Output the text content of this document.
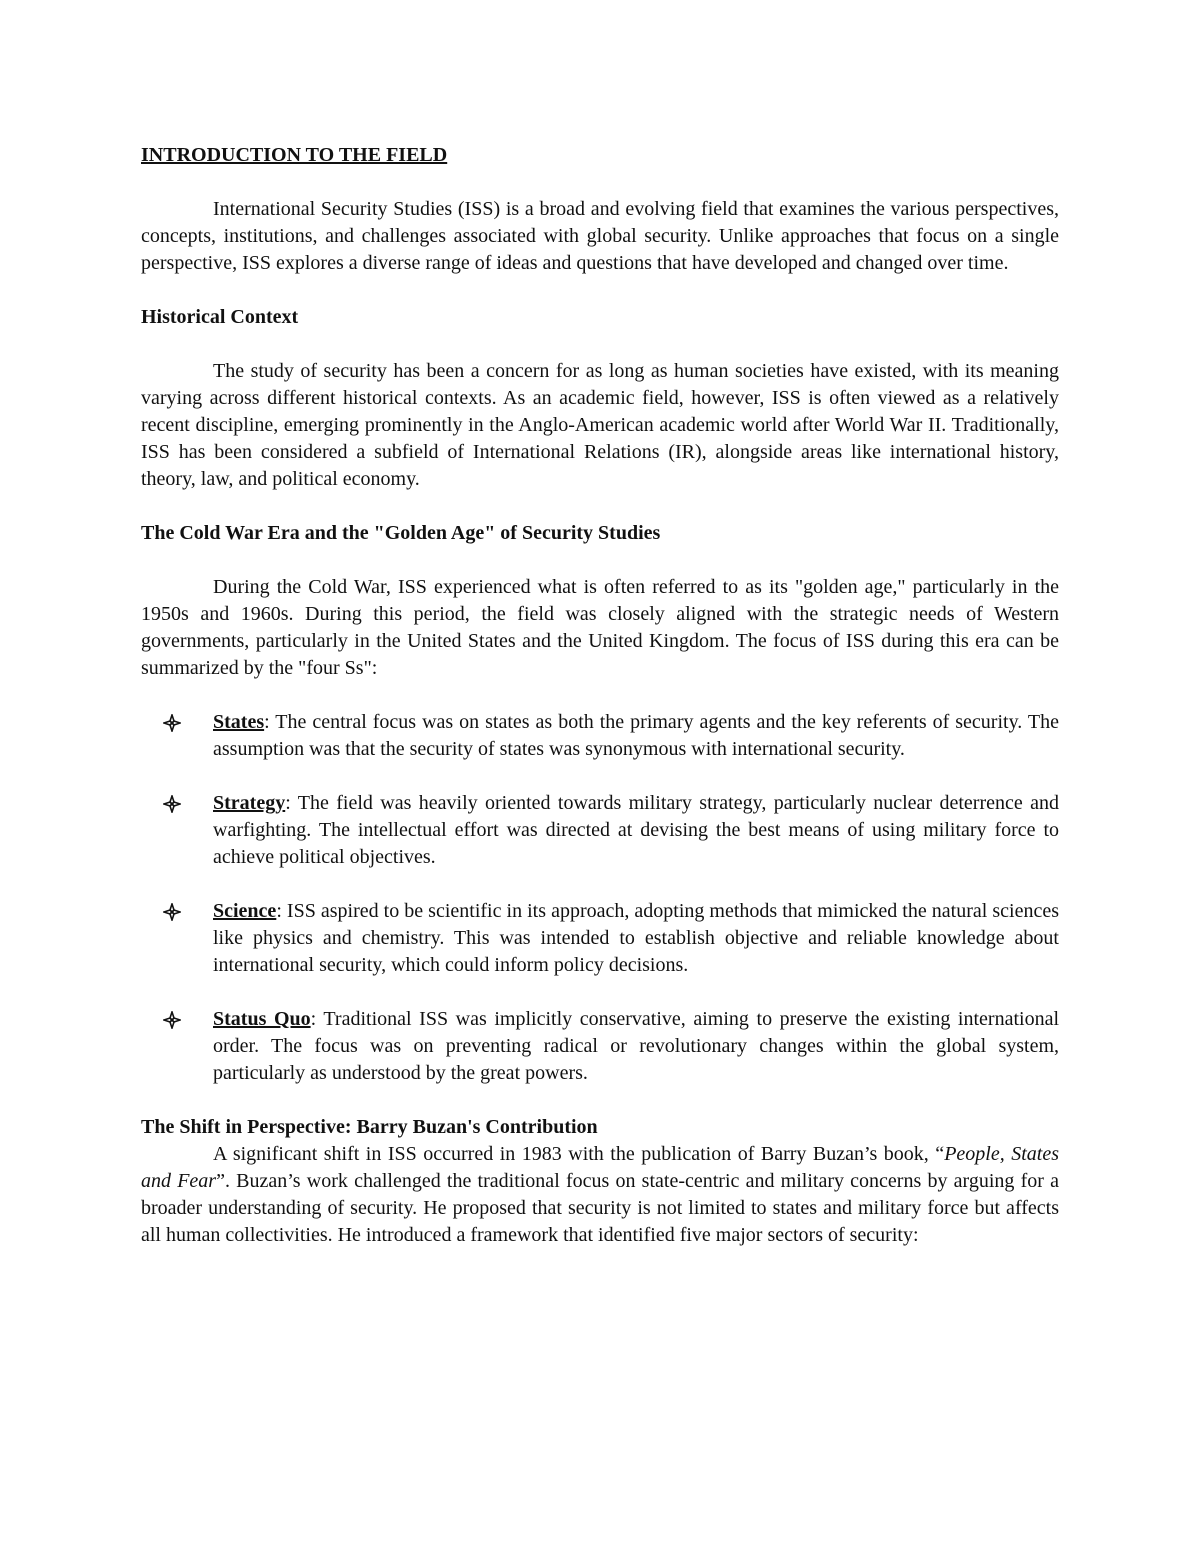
INTRODUCTION TO THE FIELD

International Security Studies (ISS) is a broad and evolving field that examines the various perspectives, concepts, institutions, and challenges associated with global security. Unlike approaches that focus on a single perspective, ISS explores a diverse range of ideas and questions that have developed and changed over time.

Historical Context

The study of security has been a concern for as long as human societies have existed, with its meaning varying across different historical contexts. As an academic field, however, ISS is often viewed as a relatively recent discipline, emerging prominently in the Anglo-American academic world after World War II. Traditionally, ISS has been considered a subfield of International Relations (IR), alongside areas like international history, theory, law, and political economy.

The Cold War Era and the "Golden Age" of Security Studies

During the Cold War, ISS experienced what is often referred to as its "golden age," particularly in the 1950s and 1960s. During this period, the field was closely aligned with the strategic needs of Western governments, particularly in the United States and the United Kingdom. The focus of ISS during this era can be summarized by the "four Ss":

States: The central focus was on states as both the primary agents and the key referents of security. The assumption was that the security of states was synonymous with international security.
Strategy: The field was heavily oriented towards military strategy, particularly nuclear deterrence and warfighting. The intellectual effort was directed at devising the best means of using military force to achieve political objectives.
Science: ISS aspired to be scientific in its approach, adopting methods that mimicked the natural sciences like physics and chemistry. This was intended to establish objective and reliable knowledge about international security, which could inform policy decisions.
Status Quo: Traditional ISS was implicitly conservative, aiming to preserve the existing international order. The focus was on preventing radical or revolutionary changes within the global system, particularly as understood by the great powers.
The Shift in Perspective: Barry Buzan's Contribution

A significant shift in ISS occurred in 1983 with the publication of Barry Buzan’s book, “People, States and Fear”. Buzan’s work challenged the traditional focus on state-centric and military concerns by arguing for a broader understanding of security. He proposed that security is not limited to states and military force but affects all human collectivities. He introduced a framework that identified five major sectors of security:
